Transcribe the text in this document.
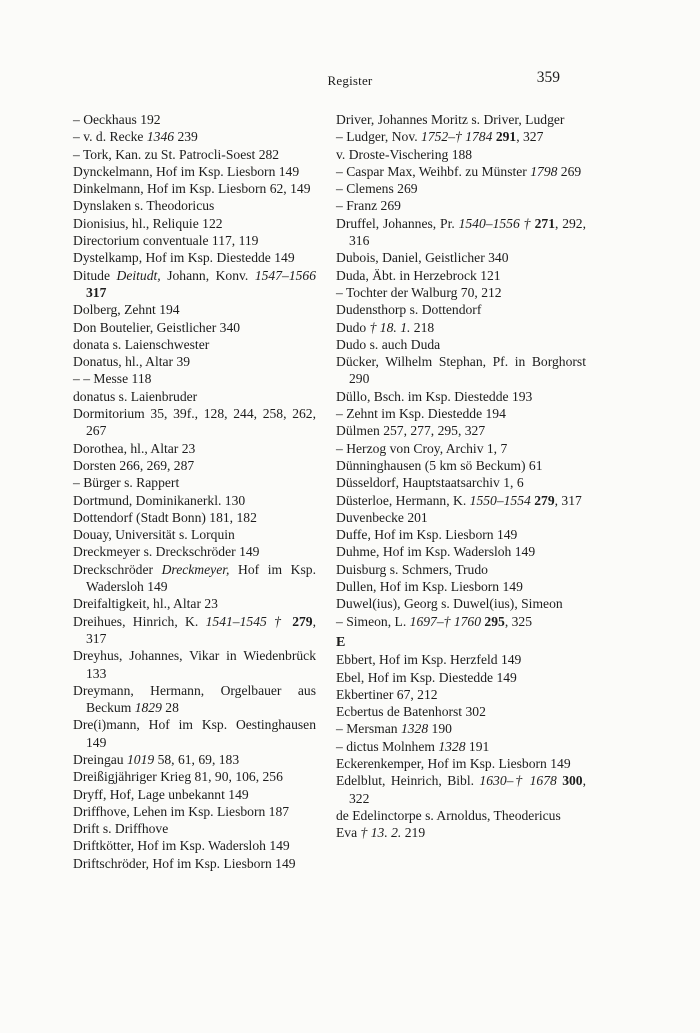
Register	359
– Oeckhaus 192
– v. d. Recke 1346 239
– Tork, Kan. zu St. Patrocli-Soest 282
Dynckelmann, Hof im Ksp. Liesborn 149
Dinkelmann, Hof im Ksp. Liesborn 62, 149
Dynslaken s. Theodoricus
Dionisius, hl., Reliquie 122
Directorium conventuale 117, 119
Dystelkamp, Hof im Ksp. Diestedde 149
Ditude Deitudt, Johann, Konv. 1547–1566 317
Dolberg, Zehnt 194
Don Boutelier, Geistlicher 340
donata s. Laienschwester
Donatus, hl., Altar 39
– – Messe 118
donatus s. Laienbruder
Dormitorium 35, 39f., 128, 244, 258, 262, 267
Dorothea, hl., Altar 23
Dorsten 266, 269, 287
– Bürger s. Rappert
Dortmund, Dominikanerkl. 130
Dottendorf (Stadt Bonn) 181, 182
Douay, Universität s. Lorquin
Dreckmeyer s. Dreckschröder 149
Dreckschröder Dreckmeyer, Hof im Ksp. Wadersloh 149
Dreifaltigkeit, hl., Altar 23
Dreihues, Hinrich, K. 1541–1545 † 279, 317
Dreyhus, Johannes, Vikar in Wiedenbrück 133
Dreymann, Hermann, Orgelbauer aus Beckum 1829 28
Dre(i)mann, Hof im Ksp. Oestinghausen 149
Dreingau 1019 58, 61, 69, 183
Dreißigjähriger Krieg 81, 90, 106, 256
Dryff, Hof, Lage unbekannt 149
Driffhove, Lehen im Ksp. Liesborn 187
Drift s. Driffhove
Driftkötter, Hof im Ksp. Wadersloh 149
Driftschröder, Hof im Ksp. Liesborn 149
Driver, Johannes Moritz s. Driver, Ludger
– Ludger, Nov. 1752–† 1784 291, 327
v. Droste-Vischering 188
– Caspar Max, Weihbf. zu Münster 1798 269
– Clemens 269
– Franz 269
Druffel, Johannes, Pr. 1540–1556 † 271, 292, 316
Dubois, Daniel, Geistlicher 340
Duda, Äbt. in Herzebrock 121
– Tochter der Walburg 70, 212
Dudensthorp s. Dottendorf
Dudo † 18. 1. 218
Dudo s. auch Duda
Dücker, Wilhelm Stephan, Pf. in Borghorst 290
Düllo, Bsch. im Ksp. Diestedde 193
– Zehnt im Ksp. Diestedde 194
Dülmen 257, 277, 295, 327
– Herzog von Croy, Archiv 1, 7
Dünninghausen (5 km sö Beckum) 61
Düsseldorf, Hauptstaatsarchiv 1, 6
Düsterloe, Hermann, K. 1550–1554 279, 317
Duvenbecke 201
Duffe, Hof im Ksp. Liesborn 149
Duhme, Hof im Ksp. Wadersloh 149
Duisburg s. Schmers, Trudo
Dullen, Hof im Ksp. Liesborn 149
Duwel(ius), Georg s. Duwel(ius), Simeon
– Simeon, L. 1697–† 1760 295, 325
E
Ebbert, Hof im Ksp. Herzfeld 149
Ebel, Hof im Ksp. Diestedde 149
Ekbertiner 67, 212
Ecbertus de Batenhorst 302
– Mersman 1328 190
– dictus Molnhem 1328 191
Eckerenkemper, Hof im Ksp. Liesborn 149
Edelblut, Heinrich, Bibl. 1630–† 1678 300, 322
de Edelinctorpe s. Arnoldus, Theodericus
Eva † 13. 2. 219
